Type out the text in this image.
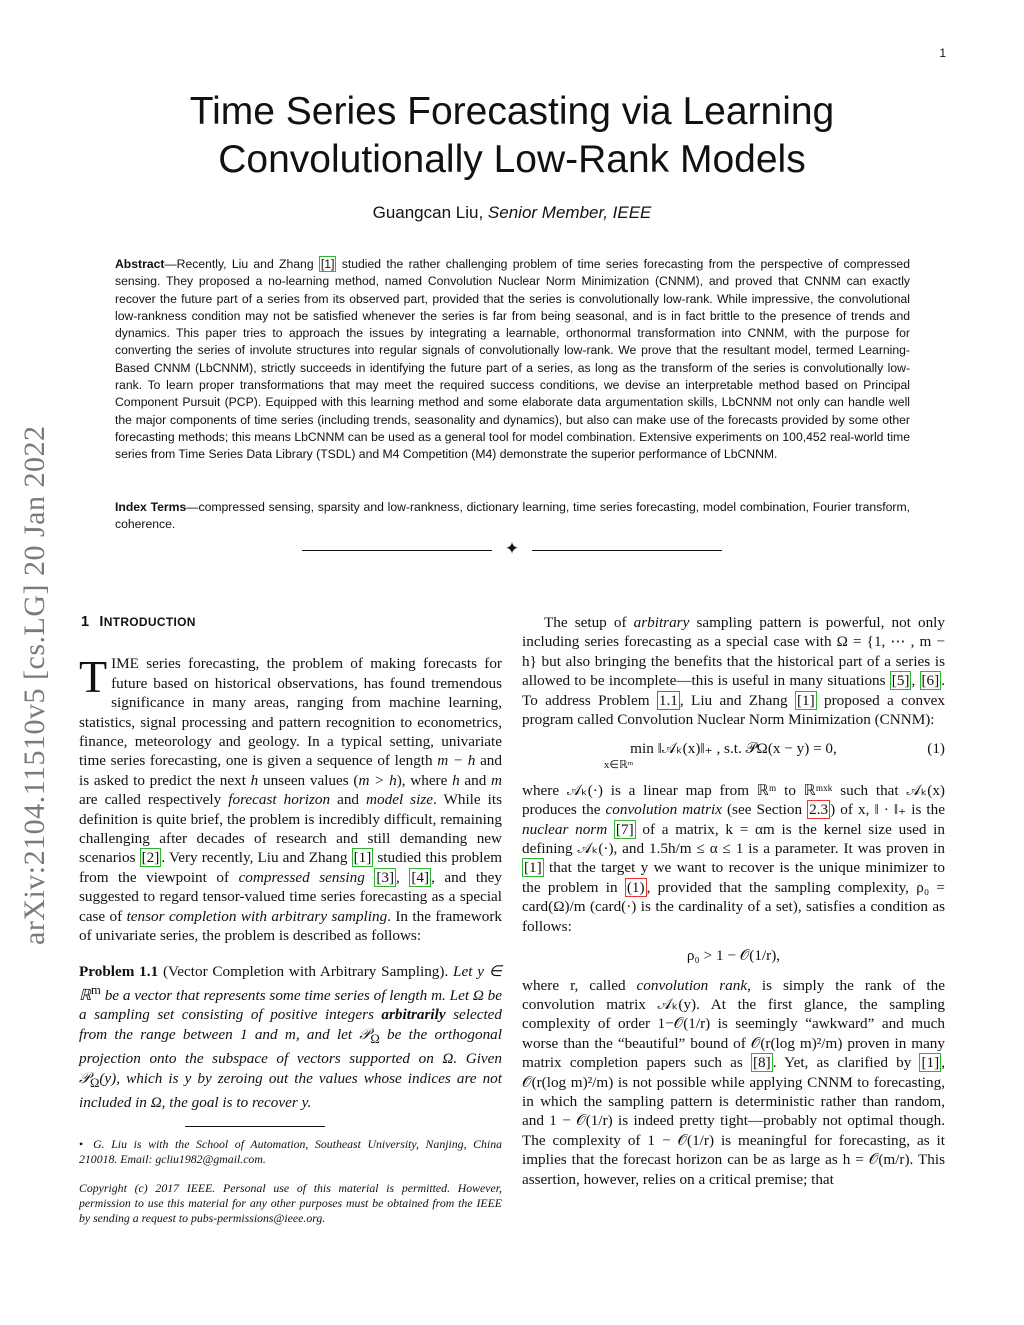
1
Time Series Forecasting via Learning
Convolutionally Low-Rank Models
Guangcan Liu, Senior Member, IEEE
Abstract—Recently, Liu and Zhang [1] studied the rather challenging problem of time series forecasting from the perspective of compressed sensing. They proposed a no-learning method, named Convolution Nuclear Norm Minimization (CNNM), and proved that CNNM can exactly recover the future part of a series from its observed part, provided that the series is convolutionally low-rank. While impressive, the convolutional low-rankness condition may not be satisfied whenever the series is far from being seasonal, and is in fact brittle to the presence of trends and dynamics. This paper tries to approach the issues by integrating a learnable, orthonormal transformation into CNNM, with the purpose for converting the series of involute structures into regular signals of convolutionally low-rank. We prove that the resultant model, termed Learning-Based CNNM (LbCNNM), strictly succeeds in identifying the future part of a series, as long as the transform of the series is convolutionally low-rank. To learn proper transformations that may meet the required success conditions, we devise an interpretable method based on Principal Component Pursuit (PCP). Equipped with this learning method and some elaborate data argumentation skills, LbCNNM not only can handle well the major components of time series (including trends, seasonality and dynamics), but also can make use of the forecasts provided by some other forecasting methods; this means LbCNNM can be used as a general tool for model combination. Extensive experiments on 100,452 real-world time series from Time Series Data Library (TSDL) and M4 Competition (M4) demonstrate the superior performance of LbCNNM.
Index Terms—compressed sensing, sparsity and low-rankness, dictionary learning, time series forecasting, model combination, Fourier transform, coherence.
✦
arXiv:2104.11510v5 [cs.LG] 20 Jan 2022	1 INTRODUCTION

TIME series forecasting, the problem of making forecasts for future based on historical observations, has found tremendous significance in many areas, ranging from machine learning, statistics, signal processing and pattern recognition to econometrics, finance, meteorology and geology. In a typical setting, univariate time series forecasting, one is given a sequence of length m − h and is asked to predict the next h unseen values (m > h), where h and m are called respectively forecast horizon and model size. While its definition is quite brief, the problem is incredibly difficult, remaining challenging after decades of research and still demanding new scenarios [2] . Very recently, Liu and Zhang [1] studied this problem from the viewpoint of compressed sensing [3] , [4] , and they suggested to regard tensor-valued time series forecasting as a special case of tensor completion with arbitrary sampling. In the framework of univariate series, the problem is described as follows:

Problem 1.1 (Vector Completion with Arbitrary Sampling). Let y ∈ ℝ$^m$ be a vector that represents some time series of length m. Let Ω be a sampling set consisting of positive integers arbitrarily selected from the range between 1 and m, and let 𝒫$_\Omega$ be the orthogonal projection onto the subspace of vectors supported on Ω. Given 𝒫$_\Omega$(y), which is y by zeroing out the values whose indices are not included in Ω, the goal is to recover y.

• G. Liu is with the School of Automation, Southeast University, Nanjing, China 210018. Email: gcliu1982@gmail.com.

Copyright (c) 2017 IEEE. Personal use of this material is permitted. However, permission to use this material for any other purposes must be obtained from the IEEE by sending a request to pubs-permissions@ieee.org.

The setup of arbitrary sampling pattern is powerful, not only including series forecasting as a special case with Ω = {1, ⋯ , m − h} but also bringing the benefits that the historical part of a series is allowed to be incomplete—this is useful in many situations [5] , [6] . To address Problem 1.1 , Liu and Zhang [1] proposed a convex program called Convolution Nuclear Norm Minimization (CNNM):

min ‖𝒜ₖ(x)‖₊ , s.t. 𝒫Ω(x − y) = 0,
x∈ℝᵐ
(1)

where 𝒜ₖ(·) is a linear map from ℝᵐ to ℝᵐˣᵏ such that 𝒜ₖ(x) produces the convolution matrix (see Section 2.3 ) of x, ‖ · ‖₊ is the nuclear norm [7] of a matrix, k = αm is the kernel size used in defining 𝒜ₖ(·), and 1.5h/m ≤ α ≤ 1 is a parameter. It was proven in [1] that the target y we want to recover is the unique minimizer to the problem in (1) , provided that the sampling complexity, ρ₀ = card(Ω)/m (card(·) is the cardinality of a set), satisfies a condition as follows:

ρ₀ > 1 − 𝒪(1/r),

where r, called convolution rank, is simply the rank of the convolution matrix 𝒜ₖ(y). At the first glance, the sampling complexity of order 1−𝒪(1/r) is seemingly “awkward” and much worse than the “beautiful” bound of 𝒪(r(log m)²/m) proven in many matrix completion papers such as [8] . Yet, as clarified by [1] , 𝒪(r(log m)²/m) is not possible while applying CNNM to forecasting, in which the sampling pattern is deterministic rather than random, and 1 − 𝒪(1/r) is indeed pretty tight—probably not optimal though. The complexity of 1 − 𝒪(1/r) is meaningful for forecasting, as it implies that the forecast horizon can be as large as h = 𝒪(m/r). This assertion, however, relies on a critical premise; that
